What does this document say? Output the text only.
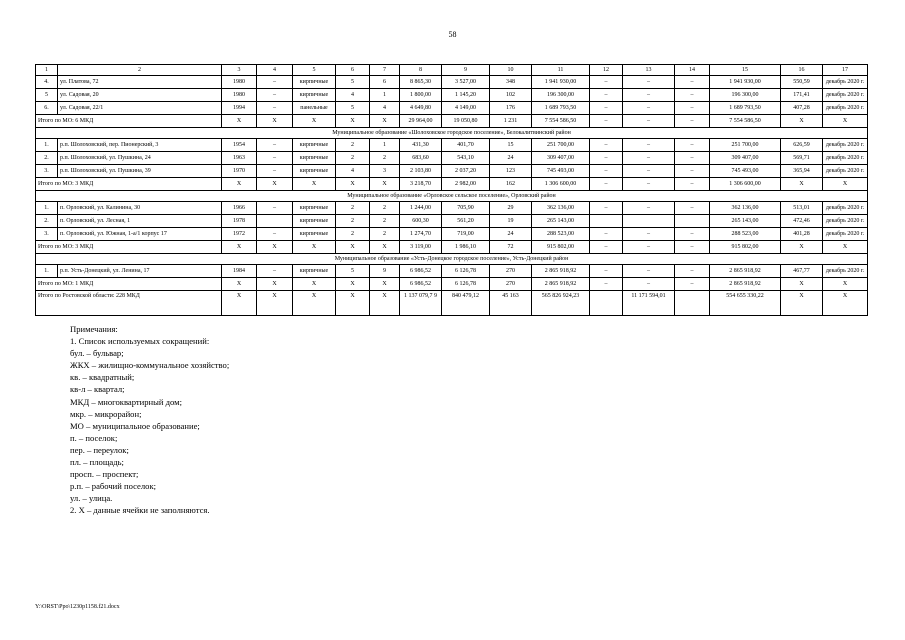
58
1	2	3	4	5	6	7	8	9	10	11	12	13	14	15	16	17
4.	ул. Платова, 72	1980	–	кирпичные	5	6	8 865,30	3 527,00	348	1 941 930,00	–	–	–	1 941 930,00	550,59	декабрь 2020 г.
5	ул. Садовая, 20	1980	–	кирпичные	4	1	1 800,00	1 145,20	102	196 300,00	–	–	–	196 300,00	171,41	декабрь 2020 г.
6.	ул. Садовая, 22/1	1994	–	панельные	5	4	4 649,80	4 149,00	176	1 689 793,50	–	–	–	1 689 793,50	407,28	декабрь 2020 г.
Итого по МО: 6 МКД		X	X	X	X	X	29 964,00	19 050,80	1 231	7 554 586,50	–	–	–	7 554 586,50	X	X
Муниципальное образование «Шолоховское городское поселение», Белокалитвинский район																
1.	р.п. Шолоховский, пер. Пионерский, 3	1954	–	кирпичные	2	1	431,30	401,70	15	251 700,00	–	–	–	251 700,00	626,59	декабрь 2020 г.
2.	р.п. Шолоховский, ул. Пушкина, 24	1963	–	кирпичные	2	2	683,60	543,10	24	309 407,00	–	–	–	309 407,00	569,71	декабрь 2020 г.
3.	р.п. Шолоховский, ул. Пушкина, 39	1970	–	кирпичные	4	3	2 103,80	2 037,20	123	745 493,00	–	–	–	745 493,00	365,94	декабрь 2020 г.
Итого по МО: 3 МКД		X	X	X	X	X	3 218,70	2 982,00	162	1 306 600,00	–	–	–	1 306 600,00	X	X
Муниципальное образование «Орловское сельское поселение», Орловский район																
1.	п. Орловский, ул. Калинина, 30	1966	–	кирпичные	2	2	1 244,00	705,90	29	362 136,00	–	–	–	362 136,00	513,01	декабрь 2020 г.
2.	п. Орловский, ул. Лесная, 1	1978		кирпичные	2	2	600,30	561,20	19	265 143,00				265 143,00	472,46	декабрь 2020 г.
3.	п. Орловский, ул. Южная, 1-а/1 корпус 17	1972	–	кирпичные	2	2	1 274,70	719,00	24	288 523,00	–	–	–	288 523,00	401,28	декабрь 2020 г.
Итого по МО: 3 МКД		X	X	X	X	X	3 119,00	1 986,10	72	915 802,00	–	–	–	915 802,00	X	X
Муниципальное образование «Усть-Донецкое городское поселение», Усть-Донецкий район																
1.	р.п. Усть-Донецкий, ул. Ленина, 17	1984	–	кирпичные	5	9	6 986,52	6 126,78	270	2 865 918,92	–	–	–	2 865 918,92	467,77	декабрь 2020 г.
Итого по МО: 1 МКД		X	X	X	X	X	6 986,52	6 126,78	270	2 865 918,92	–	–	–	2 865 918,92	X	X
Итого по Ростовской области: 228 МКД		X	X	X	X	X	1 137 079,7 9	840 479,12	45 163	565 826 924,23		11 171 594,01		554 655 330,22	X	X
Примечания:
1. Список используемых сокращений:
бул. – бульвар;
ЖКХ – жилищно-коммунальное хозяйство;
кв. – квадратный;
кв-л – квартал;
МКД – многоквартирный дом;
мкр. – микрорайон;
МО – муниципальное образование;
п. – поселок;
пер. – переулок;
пл. – площадь;
просп. – проспект;
р.п. – рабочий поселок;
ул. – улица.
2. X – данные ячейки не заполняются.
Y:\ORST\Ppo\1230p1158.f21.docx
